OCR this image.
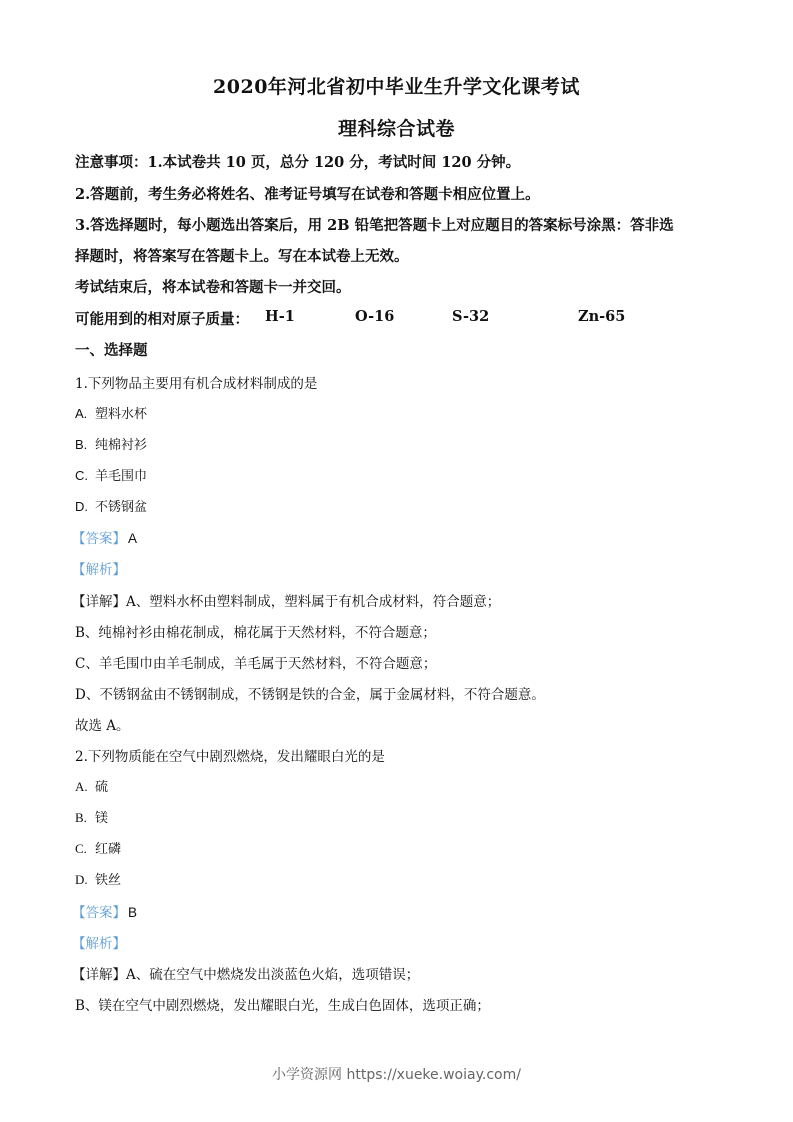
2020年河北省初中毕业生升学文化课考试
理科综合试卷
注意事项：1.本试卷共 10 页，总分 120 分，考试时间 120 分钟。
2.答题前，考生务必将姓名、准考证号填写在试卷和答题卡相应位置上。
3.答选择题时，每小题选出答案后，用 2B 铅笔把答题卡上对应题目的答案标号涂黑：答非选
择题时，将答案写在答题卡上。写在本试卷上无效。
考试结束后，将本试卷和答题卡一并交回。
可能用到的相对原子质量： H-1	O-16	S-32	Zn-65
一、选择题
1.下列物品主要用有机合成材料制成的是
A. 塑料水杯
B. 纯棉衬衫
C. 羊毛围巾
D. 不锈钢盆
【答案】 A
【解析】
【详解】A、塑料水杯由塑料制成，塑料属于有机合成材料，符合题意；
B、纯棉衬衫由棉花制成，棉花属于天然材料，不符合题意；
C、羊毛围巾由羊毛制成，羊毛属于天然材料，不符合题意；
D、不锈钢盆由不锈钢制成，不锈钢是铁的合金，属于金属材料，不符合题意。
故选 A。
2.下列物质能在空气中剧烈燃烧，发出耀眼白光的是
A. 硫
B. 镁
C. 红磷
D. 铁丝
【答案】 B
【解析】
【详解】A、硫在空气中燃烧发出淡蓝色火焰，选项错误；
B、镁在空气中剧烈燃烧，发出耀眼白光，生成白色固体，选项正确；
小学资源网 https://xueke.woiay.com/
